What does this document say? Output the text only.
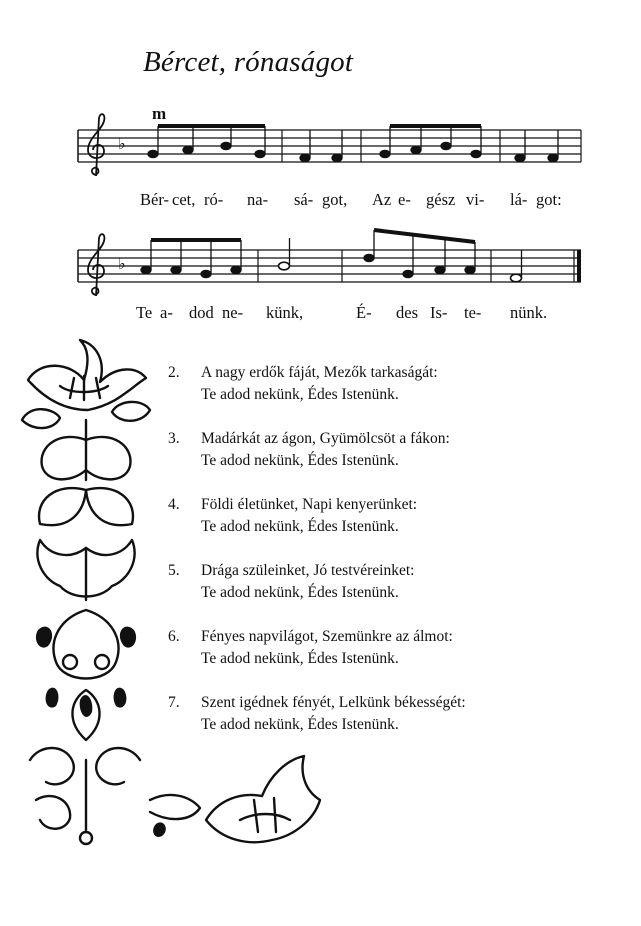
Bércet, rónaságot
m
♭
♭
Bér- cet, ró- na- sá- got, Az e- gész vi- lá- got:
Te a- dod ne- künk,	É- des Is- te- nünk.
2. A nagy erdők fáját, Mezők tarkaságát:
Te adod nekünk, Édes Istenünk.
3. Madárkát az ágon, Gyümölcsöt a fákon:
Te adod nekünk, Édes Istenünk.
4. Földi életünket, Napi kenyerünket:
Te adod nekünk, Édes Istenünk.
5. Drága szüleinket, Jó testvéreinket:
Te adod nekünk, Édes Istenünk.
6. Fényes napvilágot, Szemünkre az álmot:
Te adod nekünk, Édes Istenünk.
7. Szent igédnek fényét, Lelkünk békességét:
Te adod nekünk, Édes Istenünk.
